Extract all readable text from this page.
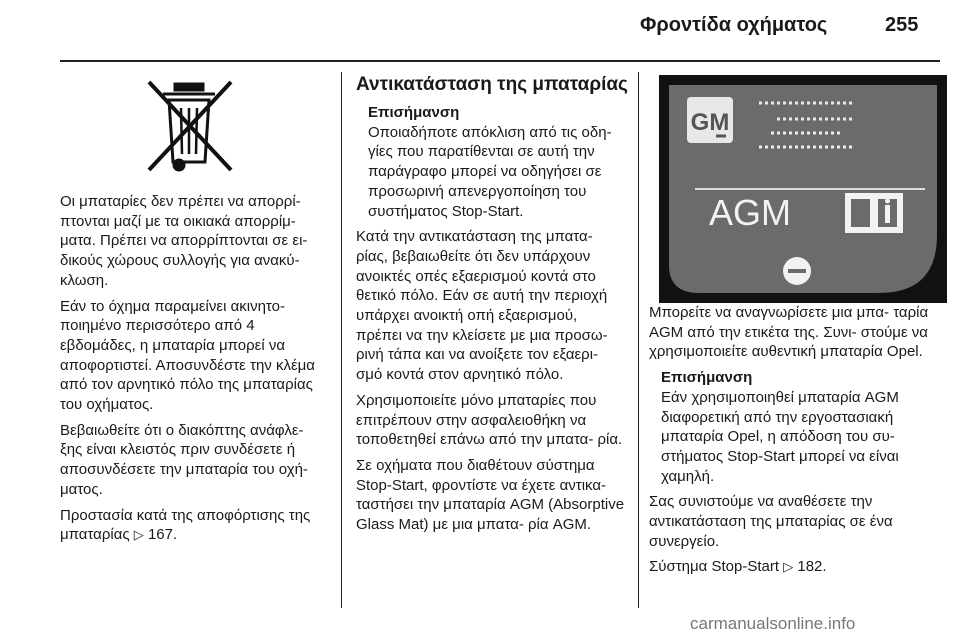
Φροντίδα οχήματος	255

Οι μπαταρίες δεν πρέπει να απορρί- πτονται μαζί με τα οικιακά απορρίμ- ματα. Πρέπει να απορρίπτονται σε ει- δικούς χώρους συλλογής για ανακύ- κλωση.

Εάν το όχημα παραμείνει ακινητο- ποιημένο περισσότερο από 4 εβδομάδες, η μπαταρία μπορεί να αποφορτιστεί. Αποσυνδέστε την κλέμα από τον αρνητικό πόλο της μπαταρίας του οχήματος.

Βεβαιωθείτε ότι ο διακόπτης ανάφλε- ξης είναι κλειστός πριν συνδέσετε ή αποσυνδέσετε την μπαταρία του οχή- ματος.

Προστασία κατά της αποφόρτισης της μπαταρίας ▷ 167.

Αντικατάσταση της μπαταρίας
Επισήμανση
Οποιαδήποτε απόκλιση από τις οδη- γίες που παρατίθενται σε αυτή την παράγραφο μπορεί να οδηγήσει σε προσωρινή απενεργοποίηση του συστήματος Stop-Start.

Κατά την αντικατάσταση της μπατα- ρίας, βεβαιωθείτε ότι δεν υπάρχουν ανοικτές οπές εξαερισμού κοντά στο θετικό πόλο. Εάν σε αυτή την περιοχή υπάρχει ανοικτή οπή εξαερισμού, πρέπει να την κλείσετε με μια προσω- ρινή τάπα και να ανοίξετε τον εξαερι- σμό κοντά στον αρνητικό πόλο.

Χρησιμοποιείτε μόνο μπαταρίες που επιτρέπουν στην ασφαλειοθήκη να τοποθετηθεί επάνω από την μπατα- ρία.

Σε οχήματα που διαθέτουν σύστημα Stop-Start, φροντίστε να έχετε αντικα- ταστήσει την μπαταρία AGM (Absorptive Glass Mat) με μια μπατα- ρία AGM.

GM
AGM

Μπορείτε να αναγνωρίσετε μια μπα- ταρία AGM από την ετικέτα της. Συνι- στούμε να χρησιμοποιείτε αυθεντική μπαταρία Opel.

Επισήμανση
Εάν χρησιμοποιηθεί μπαταρία AGM διαφορετική από την εργοστασιακή μπαταρία Opel, η απόδοση του συ- στήματος Stop-Start μπορεί να είναι χαμηλή.

Σας συνιστούμε να αναθέσετε την αντικατάσταση της μπαταρίας σε ένα συνεργείο.

Σύστημα Stop-Start ▷ 182.

carmanualsonline.info
